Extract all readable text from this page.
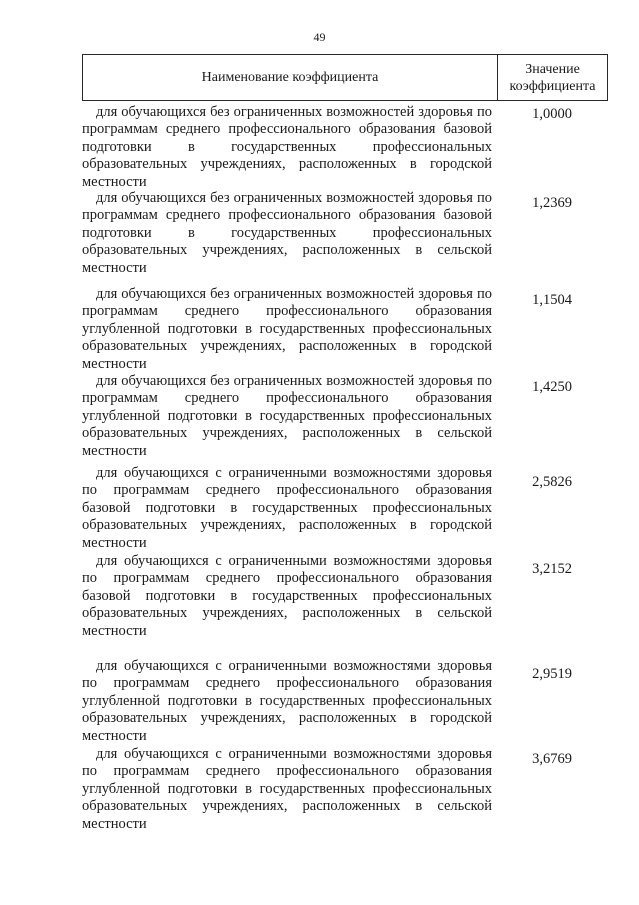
49
Наименование коэффициента
Значение
коэффициента
для обучающихся без ограниченных возможностей здоровья по программам среднего профессионального образования базовой подготовки в государственных профессиональных образовательных учреждениях, расположенных в городской местности
1,0000
для обучающихся без ограниченных возможностей здоровья по программам среднего профессионального образования базовой подготовки в государственных профессиональных образовательных учреждениях, расположенных в сельской местности
1,2369
для обучающихся без ограниченных возможностей здоровья по программам среднего профессионального образования углубленной подготовки в государственных профессиональных образовательных учреждениях, расположенных в городской местности
1,1504
для обучающихся без ограниченных возможностей здоровья по программам среднего профессионального образования углубленной подготовки в государственных профессиональных образовательных учреждениях, расположенных в сельской местности
1,4250
для обучающихся с ограниченными возможностями здоровья по программам среднего профессионального образования базовой подготовки в государственных профессиональных образовательных учреждениях, расположенных в городской местности
2,5826
для обучающихся с ограниченными возможностями здоровья по программам среднего профессионального образования базовой подготовки в государственных профессиональных образовательных учреждениях, расположенных в сельской местности
3,2152
для обучающихся с ограниченными возможностями здоровья по программам среднего профессионального образования углубленной подготовки в государственных профессиональных образовательных учреждениях, расположенных в городской местности
2,9519
для обучающихся с ограниченными возможностями здоровья по программам среднего профессионального образования углубленной подготовки в государственных профессиональных образовательных учреждениях, расположенных в сельской местности
3,6769
